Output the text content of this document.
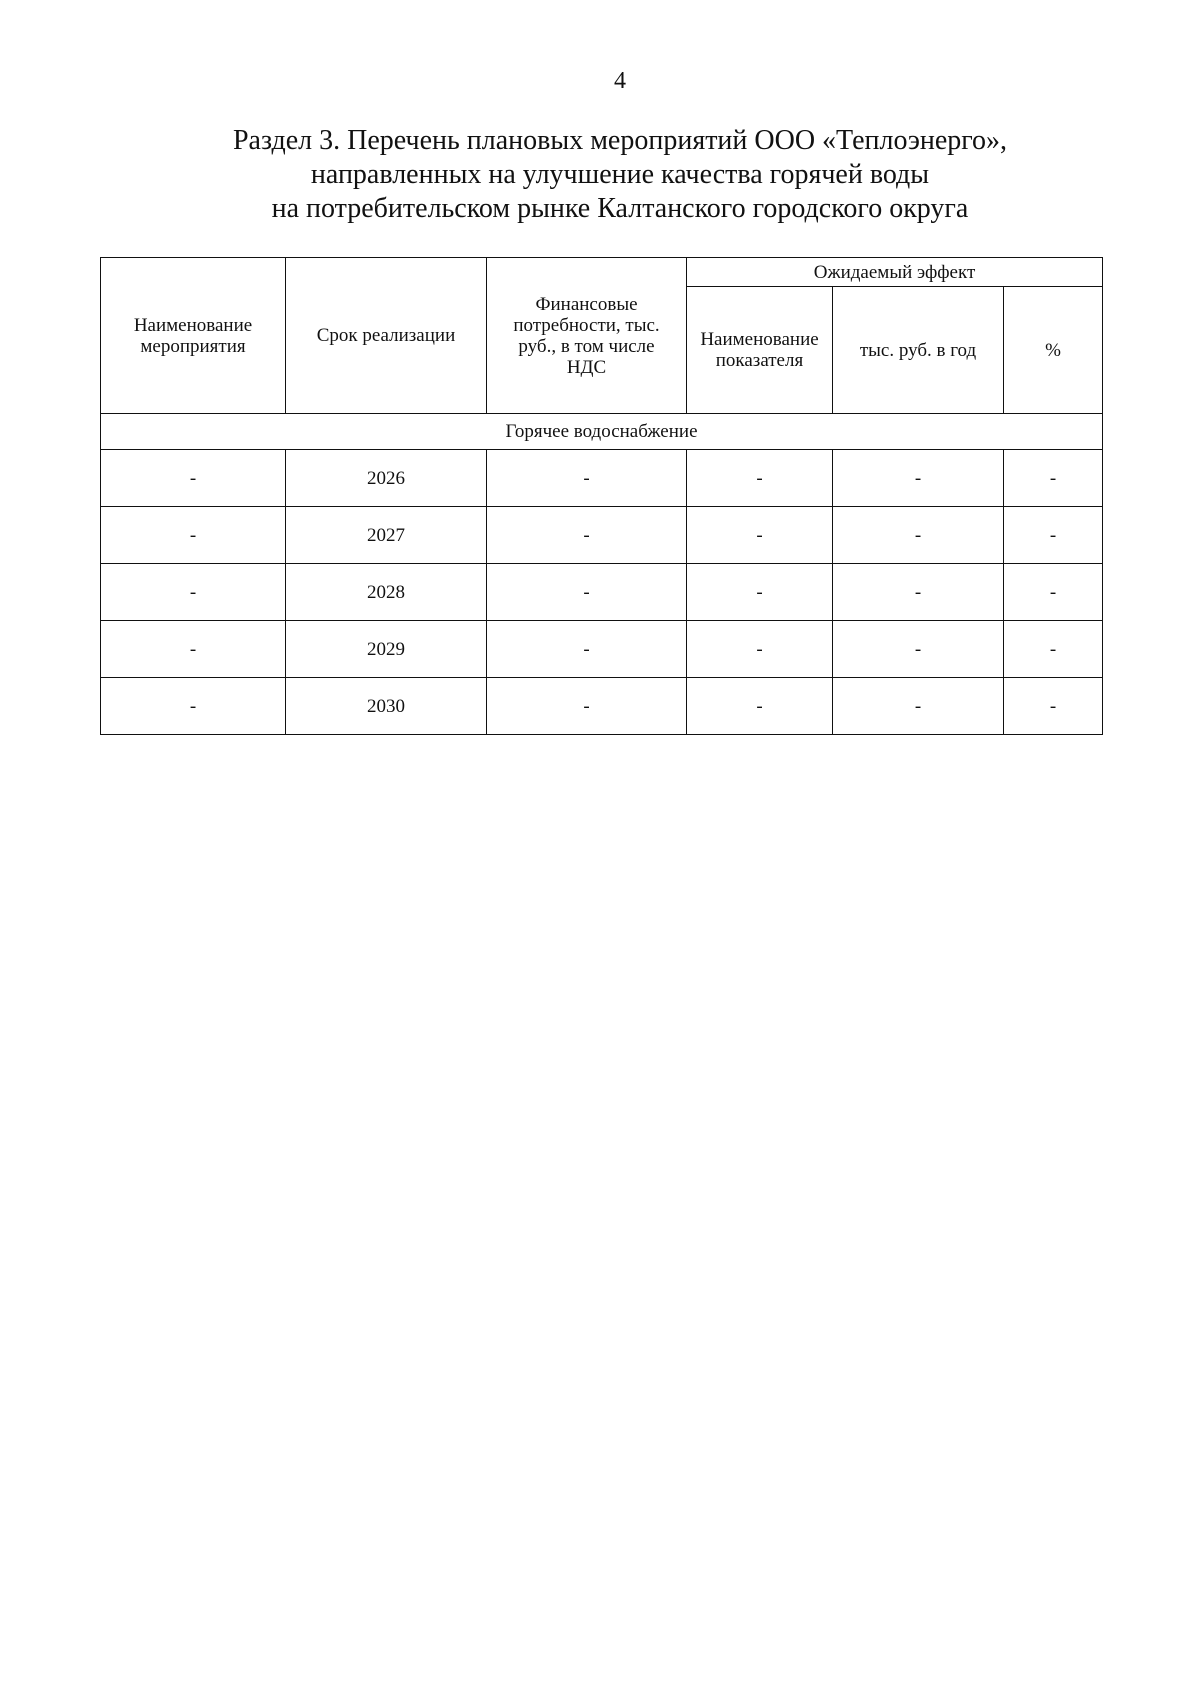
4
Раздел 3. Перечень плановых мероприятий ООО «Теплоэнерго»,
направленных на улучшение качества горячей воды
на потребительском рынке Калтанского городского округа
Наименование мероприятия	Срок реализации	Финансовые потребности, тыс. руб., в том числе НДС	Ожидаемый эффект		
			Наименование показателя	тыс. руб. в год	%
Горячее водоснабжение					
-	2026	-	-	-	-
-	2027	-	-	-	-
-	2028	-	-	-	-
-	2029	-	-	-	-
-	2030	-	-	-	-
